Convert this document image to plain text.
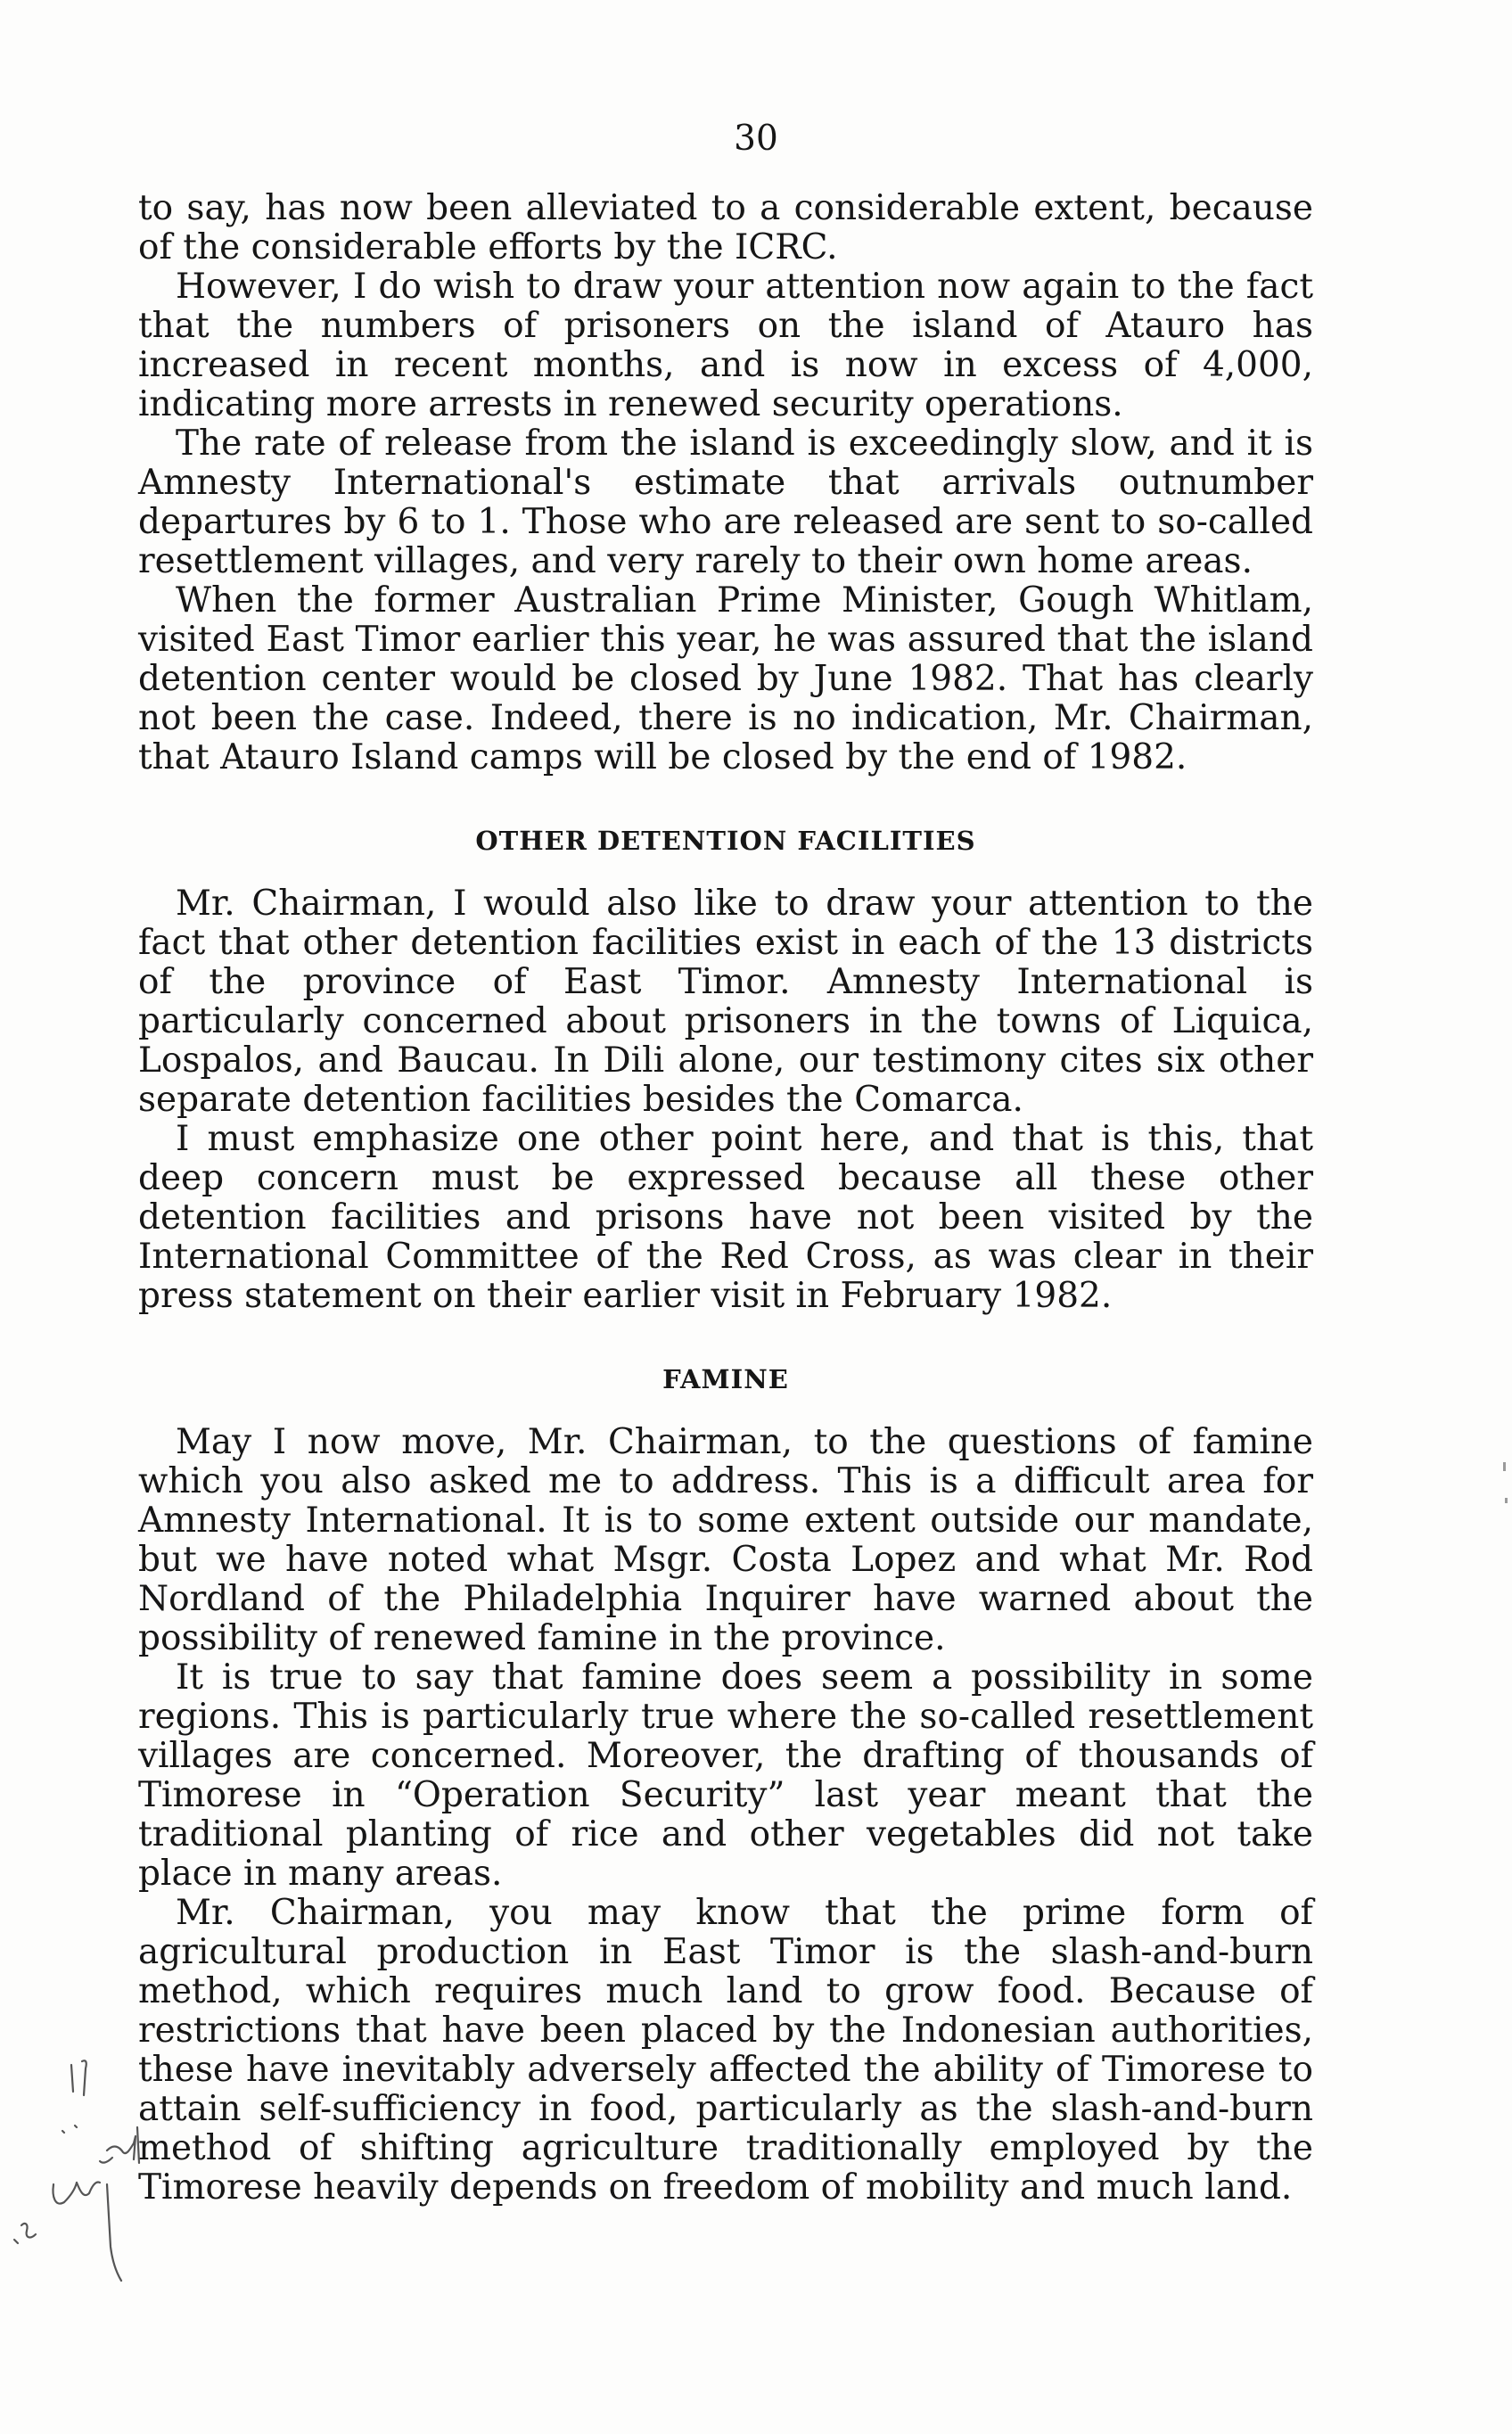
30

to say, has now been alleviated to a considerable extent, because of the considerable efforts by the ICRC.

However, I do wish to draw your attention now again to the fact that the numbers of prisoners on the island of Atauro has increased in recent months, and is now in excess of 4,000, indicating more arrests in renewed security operations.

The rate of release from the island is exceedingly slow, and it is Amnesty International's estimate that arrivals outnumber departures by 6 to 1. Those who are released are sent to so-called resettlement villages, and very rarely to their own home areas.

When the former Australian Prime Minister, Gough Whitlam, visited East Timor earlier this year, he was assured that the island detention center would be closed by June 1982. That has clearly not been the case. Indeed, there is no indication, Mr. Chairman, that Atauro Island camps will be closed by the end of 1982.

OTHER DETENTION FACILITIES

Mr. Chairman, I would also like to draw your attention to the fact that other detention facilities exist in each of the 13 districts of the province of East Timor. Amnesty International is particularly concerned about prisoners in the towns of Liquica, Lospalos, and Baucau. In Dili alone, our testimony cites six other separate detention facilities besides the Comarca.

I must emphasize one other point here, and that is this, that deep concern must be expressed because all these other detention facilities and prisons have not been visited by the International Committee of the Red Cross, as was clear in their press statement on their earlier visit in February 1982.

FAMINE

May I now move, Mr. Chairman, to the questions of famine which you also asked me to address. This is a difficult area for Amnesty International. It is to some extent outside our mandate, but we have noted what Msgr. Costa Lopez and what Mr. Rod Nordland of the Philadelphia Inquirer have warned about the possibility of renewed famine in the province.

It is true to say that famine does seem a possibility in some regions. This is particularly true where the so-called resettlement villages are concerned. Moreover, the drafting of thousands of Timorese in “Operation Security” last year meant that the traditional planting of rice and other vegetables did not take place in many areas.

Mr. Chairman, you may know that the prime form of agricultural production in East Timor is the slash-and-burn method, which requires much land to grow food. Because of restrictions that have been placed by the Indonesian authorities, these have inevitably adversely affected the ability of Timorese to attain self-sufficiency in food, particularly as the slash-and-burn method of shifting agriculture traditionally employed by the Timorese heavily depends on freedom of mobility and much land.
